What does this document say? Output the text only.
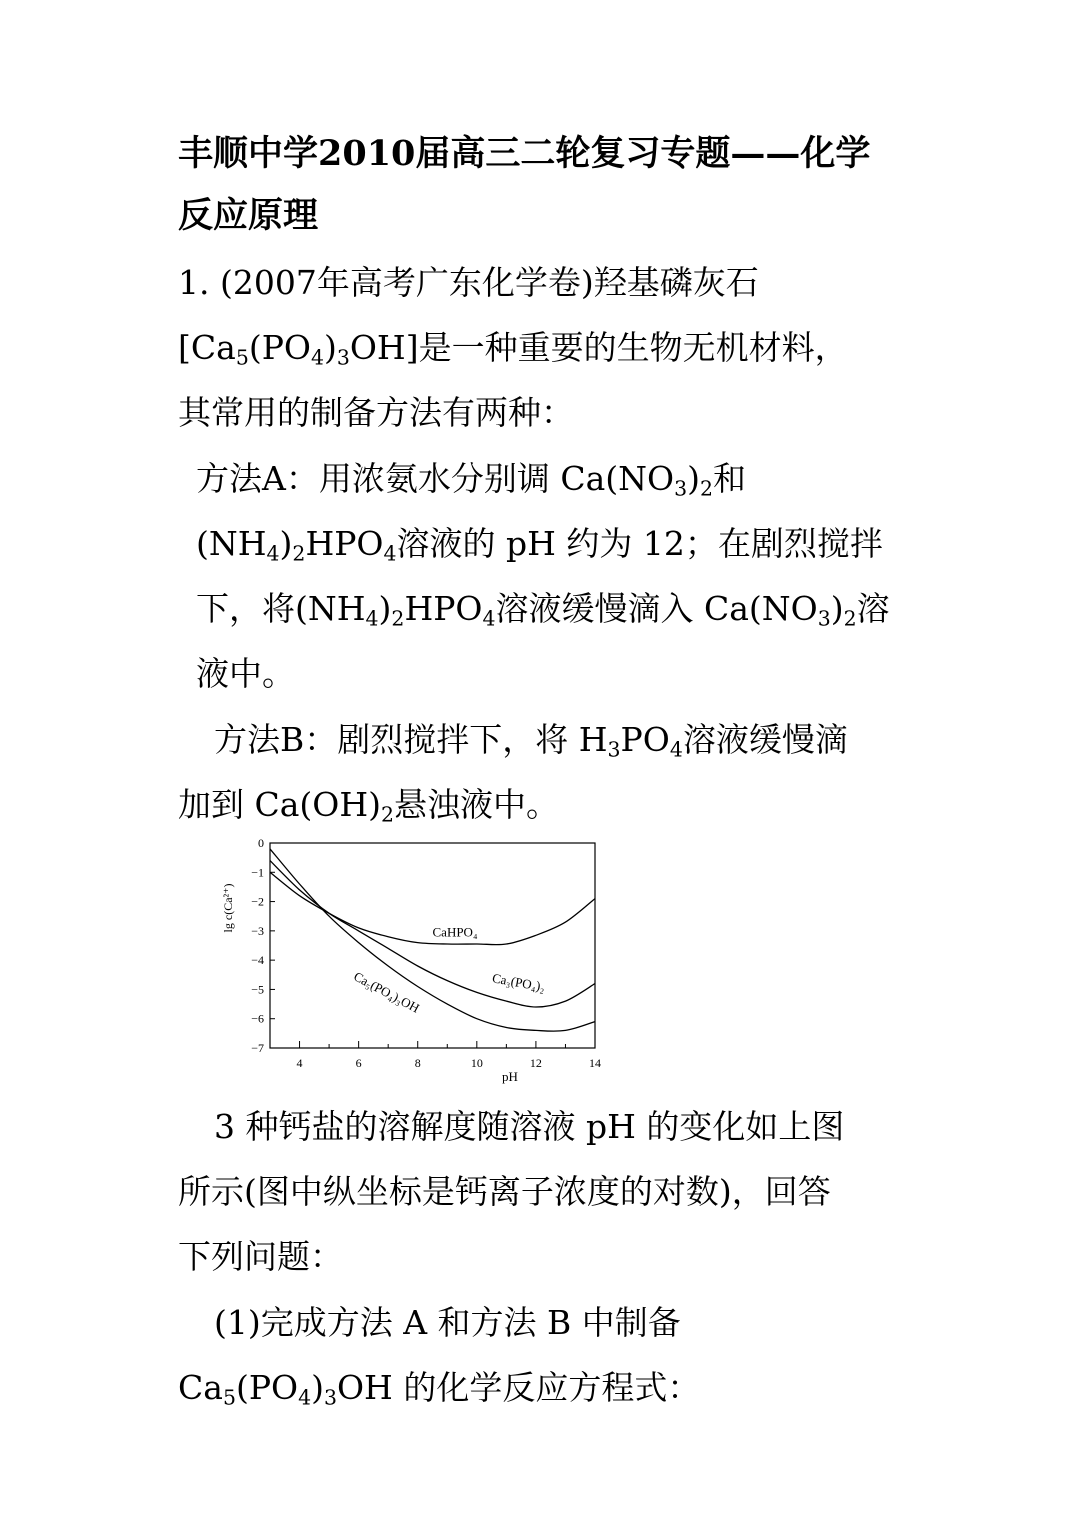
丰顺中学2010届高三二轮复习专题——化学
反应原理
1. (2007年高考广东化学卷)羟基磷灰石
$[Ca_5(PO_4)_3OH]$是一种重要的生物无机材料，
其常用的制备方法有两种：
方法A：用浓氨水分别调 $Ca(NO_3)_2$和
$(NH_4)_2HPO_4$溶液的 pH 约为 12；在剧烈搅拌
下，将$(NH_4)_2HPO_4$溶液缓慢滴入 $Ca(NO_3)_2$溶
液中。
方法B：剧烈搅拌下，将 $H_3PO_4$溶液缓慢滴
加到 $Ca(OH)_2$悬浊液中。
0
−1
−2
−3
−4
−5
−6
−7
4	6	8	10	12	14
lg c(Ca²⁺)
pH
CaHPO₄
Ca₃(PO₄)₂
Ca₅(PO₄)₃OH
3 种钙盐的溶解度随溶液 pH 的变化如上图
所示(图中纵坐标是钙离子浓度的对数)，回答
下列问题：
(1)完成方法 A 和方法 B 中制备
$Ca_5(PO_4)_3OH$ 的化学反应方程式：
